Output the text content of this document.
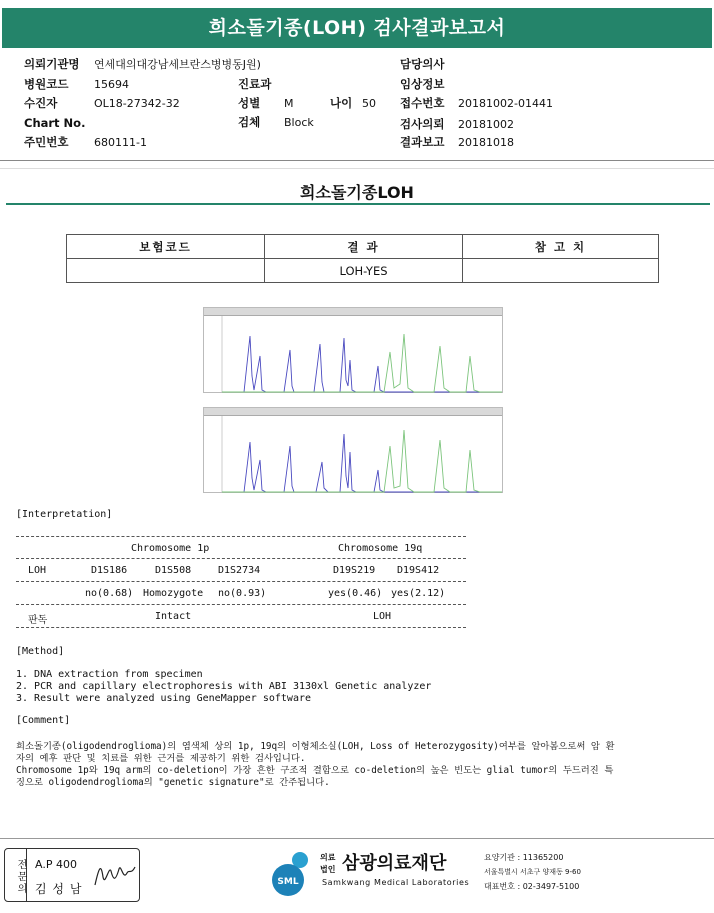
희소돌기종(LOH) 검사결과보고서
의뢰기관명 연세대의대강남세브란스병병동J원)
병원코드 15694
수진자	OL18-27342-32
Chart No.
주민번호 680111-1
진료과
성별 M	나이 50
검체 Block
담당의사
임상정보
접수번호 20181002-01441
검사의뢰 20181002
결과보고 20181018
희소돌기종LOH
보험코드	결 과	참 고 치
	LOH-YES	
[Interpretation]
Chromosome 1p	Chromosome 19q
LOH	D1S186	D1S508	D1S2734	D19S219 D19S412
no(0.68) Homozygote no(0.93)	yes(0.46) yes(2.12)
판독	Intact	LOH
[Method]
1. DNA extraction from specimen
2. PCR and capillary electrophoresis with ABI 3130xl Genetic analyzer
3. Result were analyzed using GeneMapper software
[Comment]
희소돌기종(oligodendroglioma)의 염색체 상의 1p, 19q의 이형체소실(LOH, Loss of Heterozygosity)여부를 알아봄으로써 암 환
자의 예후 판단 및 치료를 위한 근거를 제공하기 위한 검사입니다.
Chromosome 1p와 19q arm의 co-deletion이 가장 흔한 구조적 결함으로 co-deletion의 높은 빈도는 glial tumor의 두드러진 특
징으로 oligodendroglioma의 "genetic signature"로 간주됩니다.
전문의 A.P 400
김 성 남	SML
의료
법인 삼광의료재단
Samkwang Medical Laboratories
요양기관 : 11365200
서울특별시 서초구 양재동 9-60
대표번호 : 02-3497-5100
